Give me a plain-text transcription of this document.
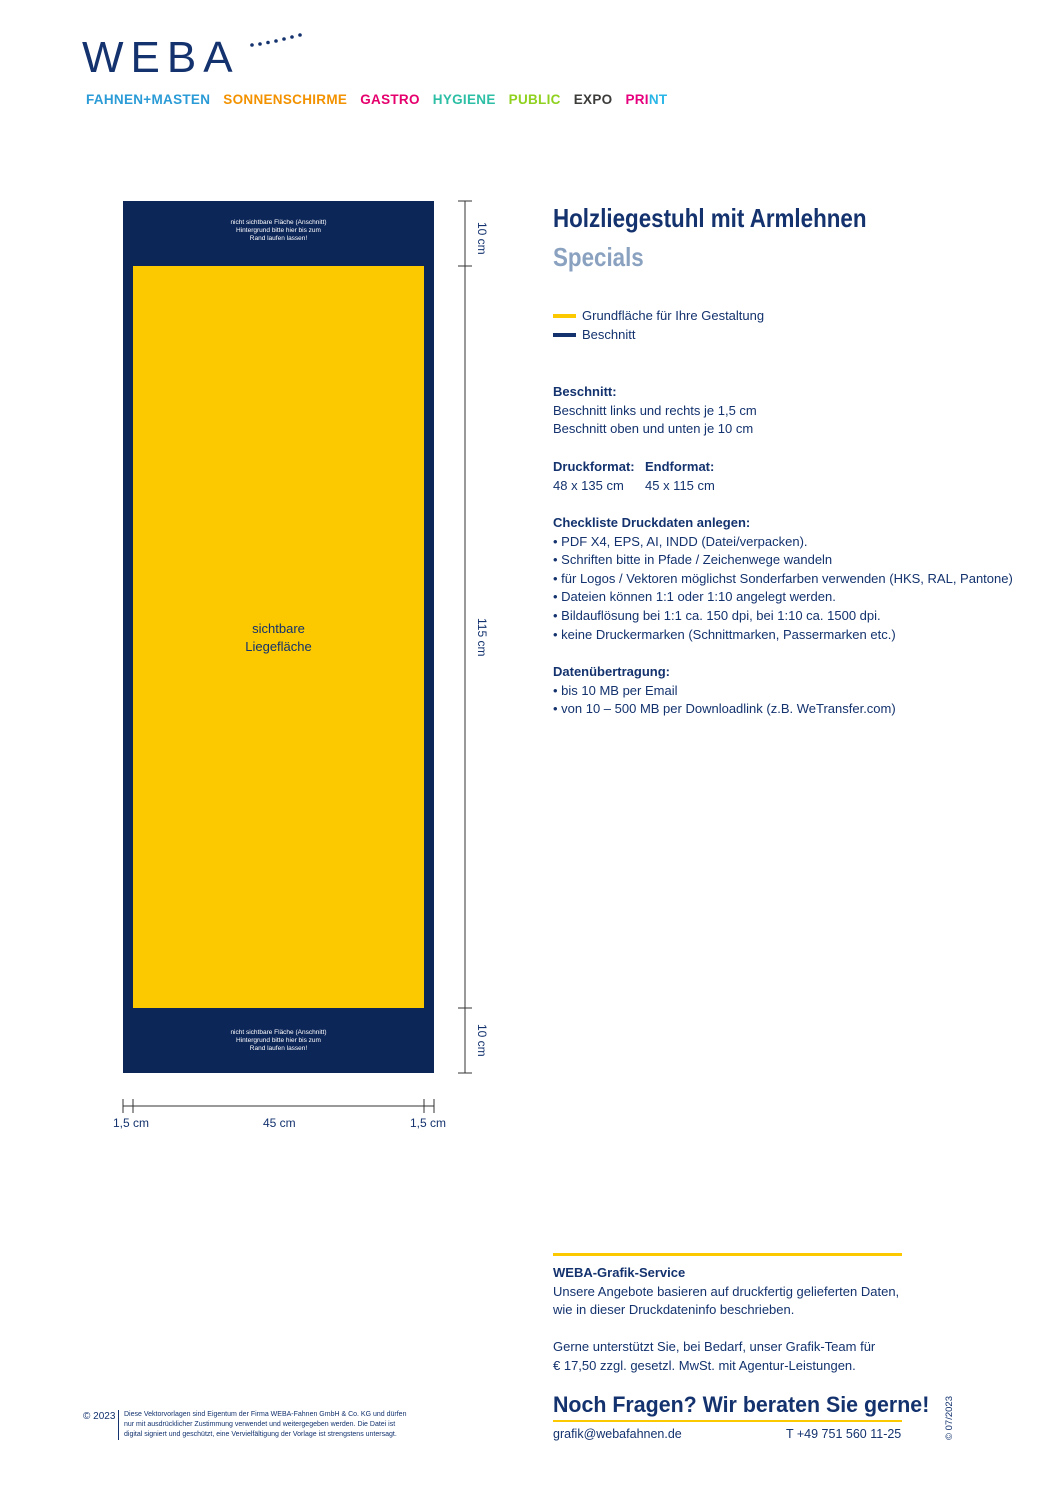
WEBA
FAHNEN+MASTEN SONNENSCHIRME GASTRO HYGIENE PUBLIC EXPO PRINT
nicht sichtbare Fläche (Anschnitt)
Hintergrund bitte hier bis zum
Rand laufen lassen!
nicht sichtbare Fläche (Anschnitt)
Hintergrund bitte hier bis zum
Rand laufen lassen!
sichtbare
Liegefläche
10 cm
115 cm
10 cm
1,5 cm	45 cm	1,5 cm
Holzliegestuhl mit Armlehnen
Specials
Grundfläche für Ihre Gestaltung
Beschnitt

Beschnitt:

Beschnitt links und rechts je 1,5 cm

Beschnitt oben und unten je 10 cm

Druckformat: Endformat:
48 x 135 cm	45 x 115 cm

Checkliste Druckdaten anlegen:

• PDF X4, EPS, AI, INDD (Datei/verpacken).

• Schriften bitte in Pfade / Zeichenwege wandeln

• für Logos / Vektoren möglichst Sonderfarben verwenden (HKS, RAL, Pantone)

• Dateien können 1:1 oder 1:10 angelegt werden.

• Bildauflösung bei 1:1 ca. 150 dpi, bei 1:10 ca. 1500 dpi.

• keine Druckermarken (Schnittmarken, Passermarken etc.)

Datenübertragung:

• bis 10 MB per Email

• von 10 – 500 MB per Downloadlink (z.B. WeTransfer.com)

WEBA-Grafik-Service

Unsere Angebote basieren auf druckfertig gelieferten Daten,

wie in dieser Druckdateninfo beschrieben.

Gerne unterstützt Sie, bei Bedarf, unser Grafik-Team für

€ 17,50 zzgl. gesetzl. MwSt. mit Agentur-Leistungen.

Noch Fragen? Wir beraten Sie gerne!
grafik@webafahnen.de	T +49 751 560 11-25
© 2023 Diese Vektorvorlagen sind Eigentum der Firma WEBA-Fahnen GmbH & Co. KG und dürfen
nur mit ausdrücklicher Zustimmung verwendet und weitergegeben werden. Die Datei ist
digital signiert und geschützt, eine Vervielfältigung der Vorlage ist strengstens untersagt.	© 07/2023
